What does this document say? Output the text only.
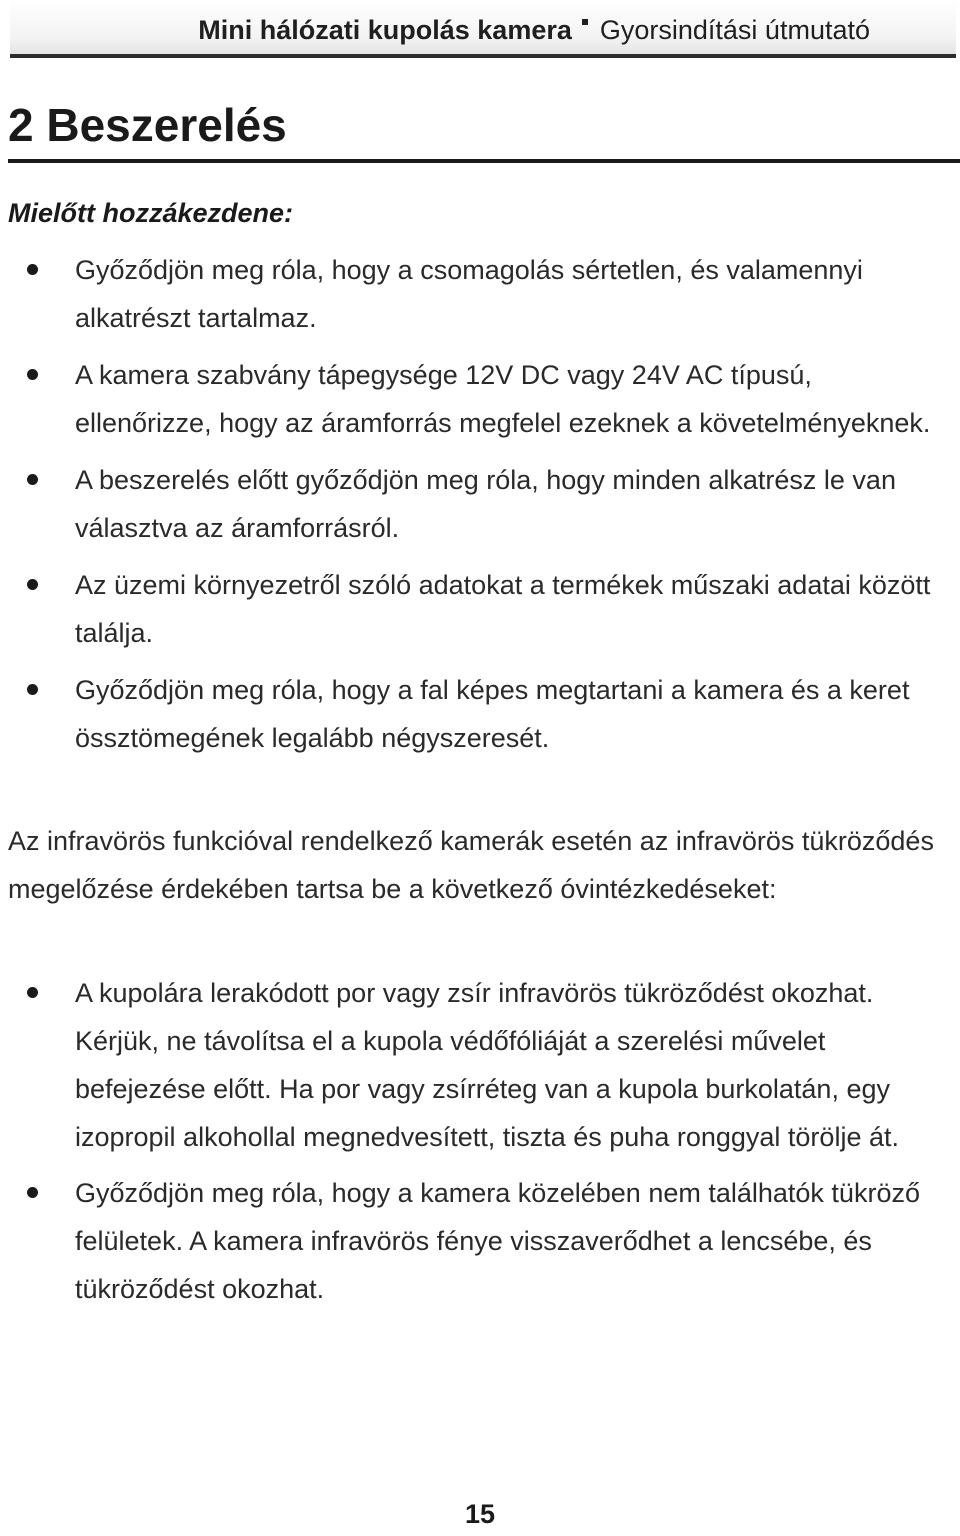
Mini hálózati kupolás kamera Gyorsindítási útmutató
2 Beszerelés
Mielőtt hozzákezdene:
Győződjön meg róla, hogy a csomagolás sértetlen, és valamennyi alkatrészt tartalmaz.
A kamera szabvány tápegysége 12V DC vagy 24V AC típusú, ellenőrizze, hogy az áramforrás megfelel ezeknek a követelményeknek.
A beszerelés előtt győződjön meg róla, hogy minden alkatrész le van választva az áramforrásról.
Az üzemi környezetről szóló adatokat a termékek műszaki adatai között találja.
Győződjön meg róla, hogy a fal képes megtartani a kamera és a keret össztömegének legalább négyszeresét.

Az infravörös funkcióval rendelkező kamerák esetén az infravörös tükröződés megelőzése érdekében tartsa be a következő óvintézkedéseket:

A kupolára lerakódott por vagy zsír infravörös tükröződést okozhat. Kérjük, ne távolítsa el a kupola védőfóliáját a szerelési művelet befejezése előtt. Ha por vagy zsírréteg van a kupola burkolatán, egy izopropil alkohollal megnedvesített, tiszta és puha ronggyal törölje át.
Győződjön meg róla, hogy a kamera közelében nem találhatók tükröző felületek. A kamera infravörös fénye visszaverődhet a lencsébe, és tükröződést okozhat.
15
